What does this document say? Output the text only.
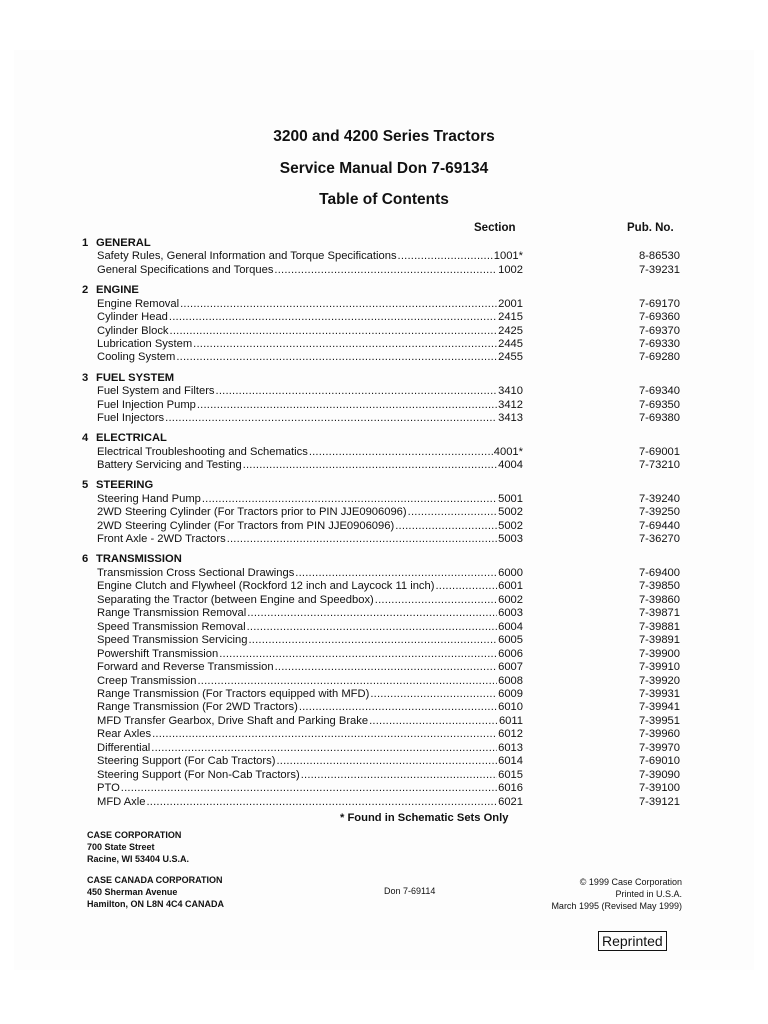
3200 and 4200 Series Tractors
Service Manual Don 7-69134
Table of Contents
Section	Pub. No.
1 GENERAL
Safety Rules, General Information and Torque Specifications .....	1001*	8-86530
General Specifications and Torques .....	1002	7-39231
2 ENGINE
Engine Removal .....	2001	7-69170
Cylinder Head .....	2415	7-69360
Cylinder Block .....	2425	7-69370
Lubrication System .....	2445	7-69330
Cooling System .....	2455	7-69280
3 FUEL SYSTEM
Fuel System and Filters .....	3410	7-69340
Fuel Injection Pump .....	3412	7-69350
Fuel Injectors .....	3413	7-69380
4 ELECTRICAL
Electrical Troubleshooting and Schematics .....	4001*	7-69001
Battery Servicing and Testing .....	4004	7-73210
5 STEERING
Steering Hand Pump .....	5001	7-39240
2WD Steering Cylinder (For Tractors prior to PIN JJE0906096) .....	5002	7-39250
2WD Steering Cylinder (For Tractors from PIN JJE0906096) .....	5002	7-69440
Front Axle - 2WD Tractors .....	5003	7-36270
6 TRANSMISSION
Transmission Cross Sectional Drawings .....	6000	7-69400
Engine Clutch and Flywheel (Rockford 12 inch and Laycock 11 inch) .....	6001	7-39850
Separating the Tractor (between Engine and Speedbox) .....	6002	7-39860
Range Transmission Removal .....	6003	7-39871
Speed Transmission Removal .....	6004	7-39881
Speed Transmission Servicing .....	6005	7-39891
Powershift Transmission .....	6006	7-39900
Forward and Reverse Transmission .....	6007	7-39910
Creep Transmission .....	6008	7-39920
Range Transmission (For Tractors equipped with MFD) .....	6009	7-39931
Range Transmission (For 2WD Tractors) .....	6010	7-39941
MFD Transfer Gearbox, Drive Shaft and Parking Brake .....	6011	7-39951
Rear Axles .....	6012	7-39960
Differential .....	6013	7-39970
Steering Support (For Cab Tractors) .....	6014	7-69010
Steering Support (For Non-Cab Tractors) .....	6015	7-39090
PTO .....	6016	7-39100
MFD Axle .....	6021	7-39121
* Found in Schematic Sets Only
CASE CORPORATION
700 State Street
Racine, WI 53404 U.S.A.
CASE CANADA CORPORATION
450 Sherman Avenue
Hamilton, ON L8N 4C4 CANADA
Don 7-69114
© 1999 Case Corporation
Printed in U.S.A.
March 1995 (Revised May 1999)
Reprinted
